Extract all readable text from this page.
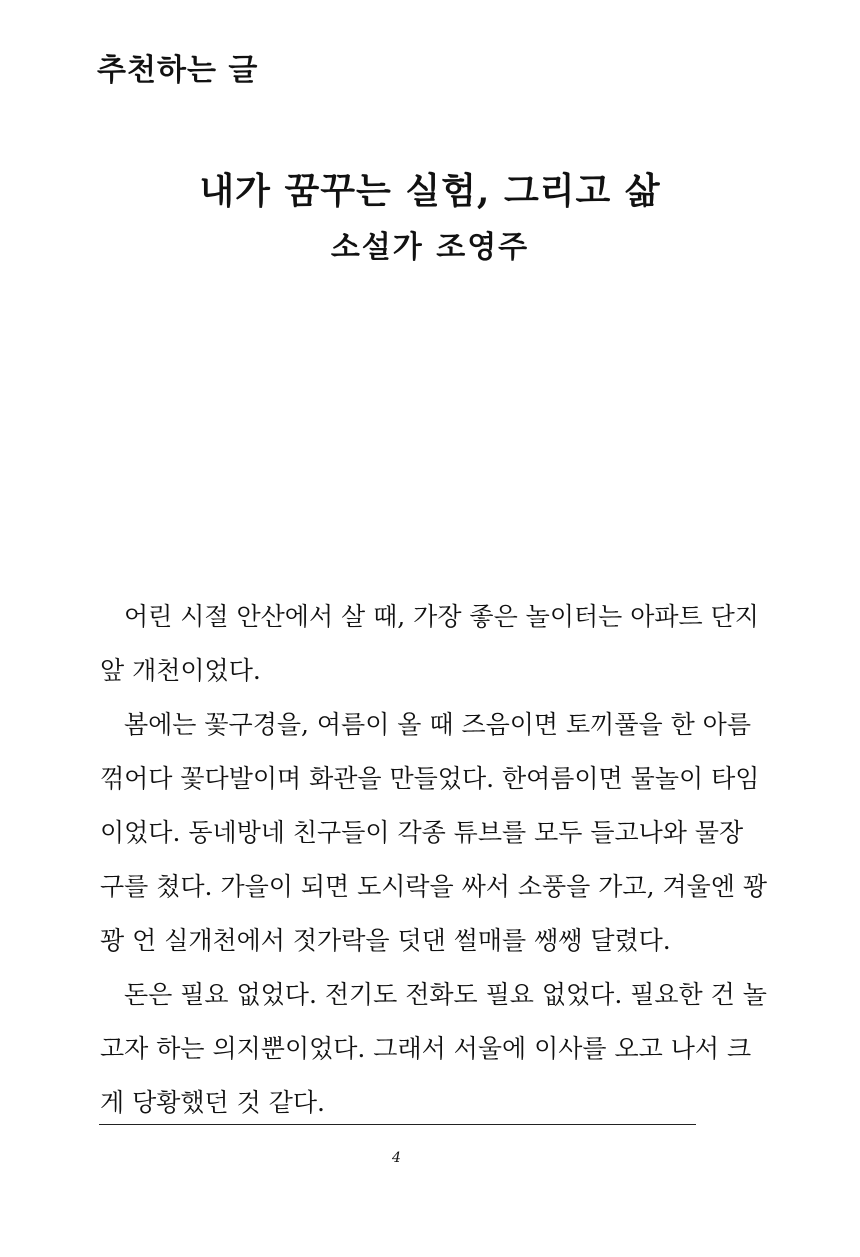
추천하는 글
내가 꿈꾸는 실험, 그리고 삶
소설가 조영주

어린 시절 안산에서 살 때, 가장 좋은 놀이터는 아파트 단지
앞 개천이었다.

봄에는 꽃구경을, 여름이 올 때 즈음이면 토끼풀을 한 아름
꺾어다 꽃다발이며 화관을 만들었다. 한여름이면 물놀이 타임
이었다. 동네방네 친구들이 각종 튜브를 모두 들고나와 물장
구를 쳤다. 가을이 되면 도시락을 싸서 소풍을 가고, 겨울엔 꽝
꽝 언 실개천에서 젓가락을 덧댄 썰매를 쌩쌩 달렸다.

돈은 필요 없었다. 전기도 전화도 필요 없었다. 필요한 건 놀
고자 하는 의지뿐이었다. 그래서 서울에 이사를 오고 나서 크
게 당황했던 것 같다.

4
